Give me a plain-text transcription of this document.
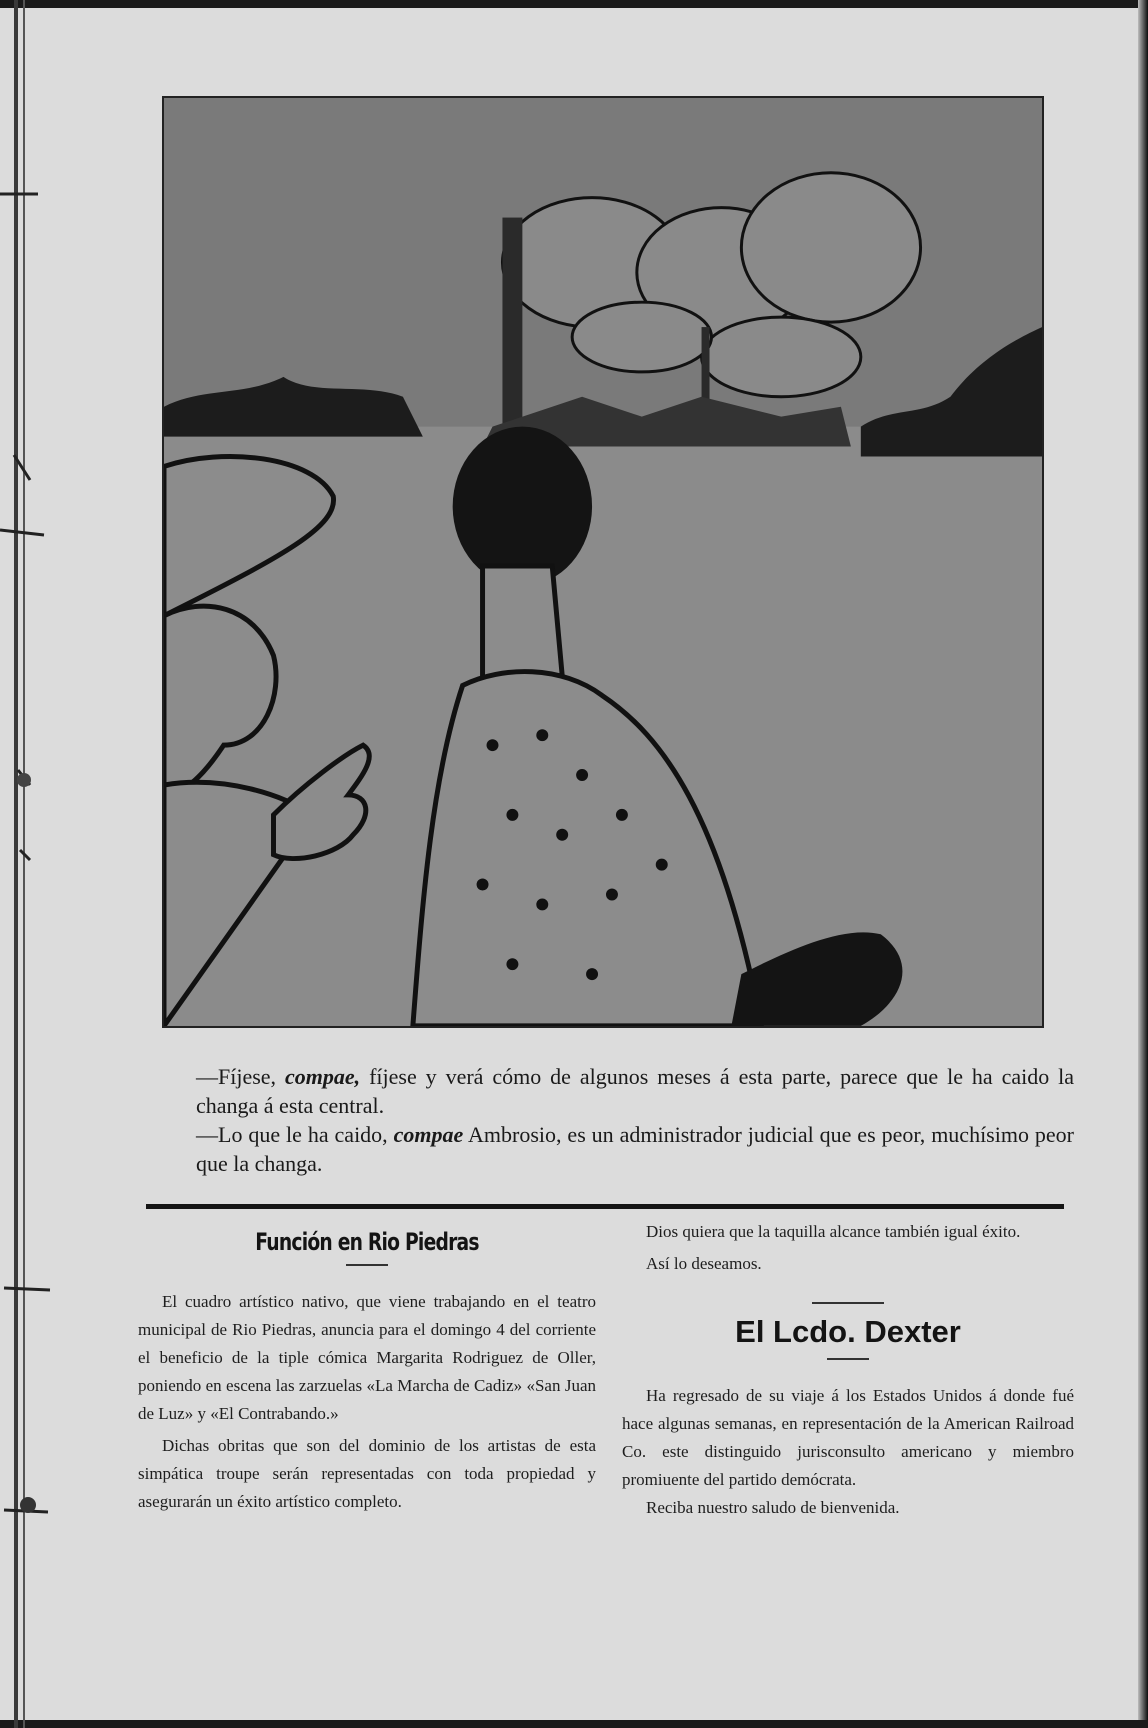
—Fíjese, compae, fíjese y verá cómo de algunos meses á esta parte, parece que le ha caido la changa á esta central.

—Lo que le ha caido, compae Ambrosio, es un administrador judicial que es peor, muchísimo peor que la changa.

Función en Rio Piedras

El cuadro artístico nativo, que viene trabajando en el teatro municipal de Rio Piedras, anuncia para el domingo 4 del corriente el beneficio de la tiple cómica Margarita Rodriguez de Oller, poniendo en escena las zarzuelas «La Marcha de Cadiz» «San Juan de Luz» y «El Contrabando.»

Dichas obritas que son del dominio de los artistas de esta simpática troupe serán representadas con toda propiedad y asegurarán un éxito artístico completo.

Dios quiera que la taquilla alcance también igual éxito.

Así lo deseamos.

El Lcdo. Dexter

Ha regresado de su viaje á los Estados Unidos á donde fué hace algunas semanas, en representación de la American Railroad Co. este distinguido jurisconsulto americano y miembro promiuente del partido demócrata.

Reciba nuestro saludo de bienvenida.
